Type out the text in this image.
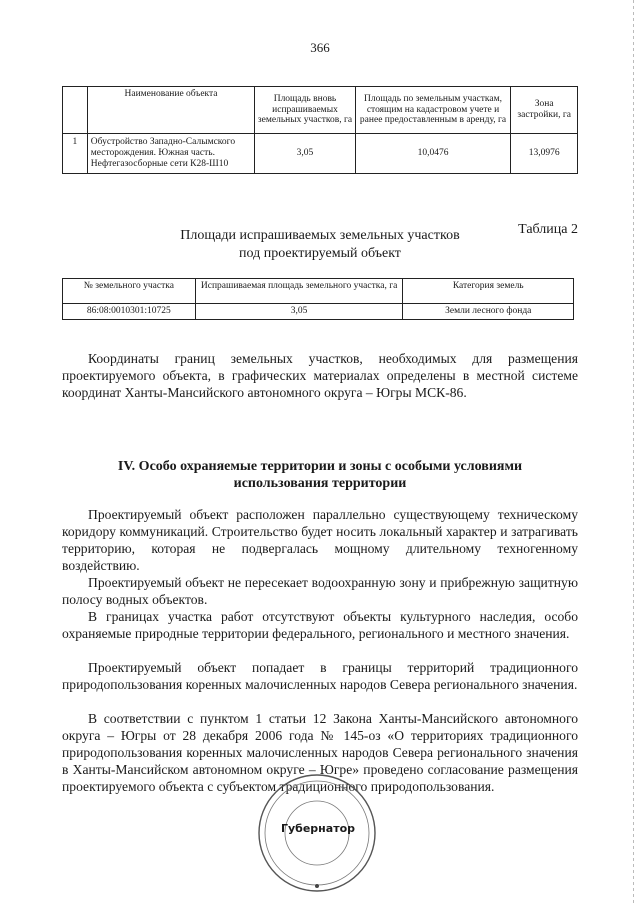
366
	Наименование объекта	Площадь вновь испрашиваемых земельных участков, га	Площадь по земельным участкам, стоящим на кадастровом учете и ранее предоставленным в аренду, га	Зона застройки, га
1	Обустройство Западно-Салымского месторождения. Южная часть. Нефтегазосборные сети К28-Ш10	3,05	10,0476	13,0976
Таблица 2
Площади испрашиваемых земельных участков
под проектируемый объект
№ земельного участка	Испрашиваемая площадь земельного участка, га	Категория земель
86:08:0010301:10725	3,05	Земли лесного фонда
Координаты границ земельных участков, необходимых для размещения проектируемого объекта, в графических материалах определены в местной системе координат Ханты-Мансийского автономного округа – Югры МСК-86.
IV. Особо охраняемые территории и зоны с особыми условиями
использования территории
Проектируемый объект расположен параллельно существующему техническому коридору коммуникаций. Строительство будет носить локальный характер и затрагивать территорию, которая не подвергалась мощному длительному техногенному воздействию.
Проектируемый объект не пересекает водоохранную зону и прибрежную защитную полосу водных объектов.
В границах участка работ отсутствуют объекты культурного наследия, особо охраняемые природные территории федерального, регионального и местного значения.
Проектируемый объект попадает в границы территорий традиционного природопользования коренных малочисленных народов Севера регионального значения.
В соответствии с пунктом 1 статьи 12 Закона Ханты-Мансийского автономного округа – Югры от 28 декабря 2006 года № 145-оз «О территориях традиционного природопользования коренных малочисленных народов Севера регионального значения в Ханты-Мансийском автономном округе – Югре» проведено согласование размещения проектируемого объекта с субъектом традиционного природопользования.
Губернатор
